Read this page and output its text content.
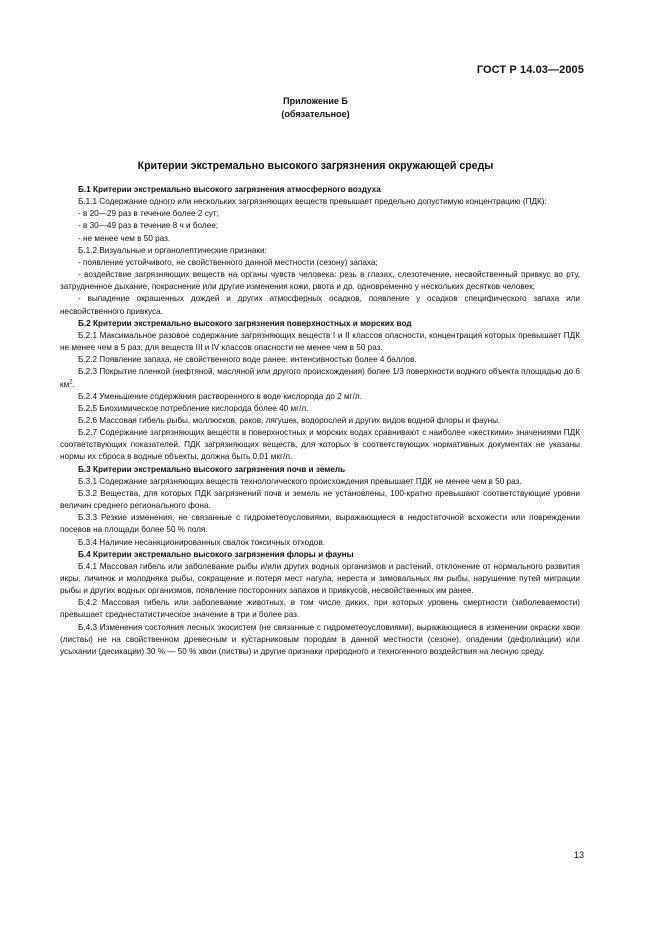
ГОСТ Р 14.03—2005
Приложение Б
(обязательное)
Критерии экстремально высокого загрязнения окружающей среды

Б.1 Критерии экстремально высокого загрязнения атмосферного воздуха

Б.1.1 Содержание одного или нескольких загрязняющих веществ превышает предельно допустимую концентрацию (ПДК):

- в 20—29 раз в течение более 2 сут;

- в 30—49 раз в течение 8 ч и более;

- не менее чем в 50 раз.

Б.1.2 Визуальные и органолептические признаки:

- появление устойчивого, не свойственного данной местности (сезону) запаха;

- воздействие загрязняющих веществ на органы чувств человека: резь в глазах, слезотечение, несвойственный привкус во рту, затрудненное дыхание, покраснение или другие изменения кожи, рвота и др. одновременно у нескольких десятков человек;

- выпадение окрашенных дождей и других атмосферных осадков, появление у осадков специфического запаха или несвойственного привкуса.

Б.2 Критерии экстремально высокого загрязнения поверхностных и морских вод

Б.2.1 Максимальное разовое содержание загрязняющих веществ I и II классов опасности, концентрация которых превышает ПДК не менее чем в 5 раз, для веществ III и IV классов опасности не менее чем в 50 раз.

Б.2.2 Появление запаха, не свойственного воде ранее, интенсивностью более 4 баллов.

Б.2.3 Покрытие пленкой (нефтяной, масляной или другого происхождения) более 1/3 поверхности водного объекта площадью до 6 $км^2$.

Б.2.4 Уменьшение содержания растворенного в воде кислорода до 2 мг/л.

Б.2.5 Биохимическое потребление кислорода более 40 мг/л.

Б.2.6 Массовая гибель рыбы, моллюсков, раков, лягушек, водорослей и других видов водной флоры и фауны.

Б.2.7 Содержание загрязняющих веществ в поверхностных и морских водах сравнивают с наиболее «жесткими» значениями ПДК соответствующих показателей. ПДК загрязняющих веществ, для которых в соответствующих нормативных документах не указаны нормы их сброса в водные объекты, должна быть 0,01 мкг/л.

Б.3 Критерии экстремально высокого загрязнения почв и земель

Б.3.1 Содержание загрязняющих веществ технологического происхождения превышает ПДК не менее чем в 50 раз.

Б.3.2 Вещества, для которых ПДК загрязнений почв и земель не установлены, 100-кратно превышают соответствующие уровни величин среднего регионального фона.

Б.3.3 Резкие изменения, не связанные с гидрометеоусловиями, выражающиеся в недостаточной всхожести или повреждении посевов на площади более 50 % поля.

Б.3.4 Наличие несанкционированных свалок токсичных отходов.

Б.4 Критерии экстремально высокого загрязнения флоры и фауны

Б.4.1 Массовая гибель или заболевание рыбы и/или других водных организмов и растений, отклонение от нормального развития икры, личинок и молодняка рыбы, сокращение и потеря мест нагула, нереста и зимовальных ям рыбы, нарушение путей миграции рыбы и других водных организмов, появление посторонних запахов и привкусов, несвойственных им ранее.

Б.4.2 Массовая гибель или заболевание животных, в том числе диких, при которых уровень смертности (заболеваемости) превышает среднестатистическое значение в три и более раз.

Б.4.3 Изменения состояния лесных экосистем (не связанные с гидрометеоусловиями), выражающиеся в изменении окраски хвои (листвы) не на свойственном древесным и кустарниковым породам в данной местности (сезоне), опадении (дефолиации) или усыхании (десикации) 30 % — 50 % хвои (листвы) и другие признаки природного и техногенного воздействия на лесную среду.

13
